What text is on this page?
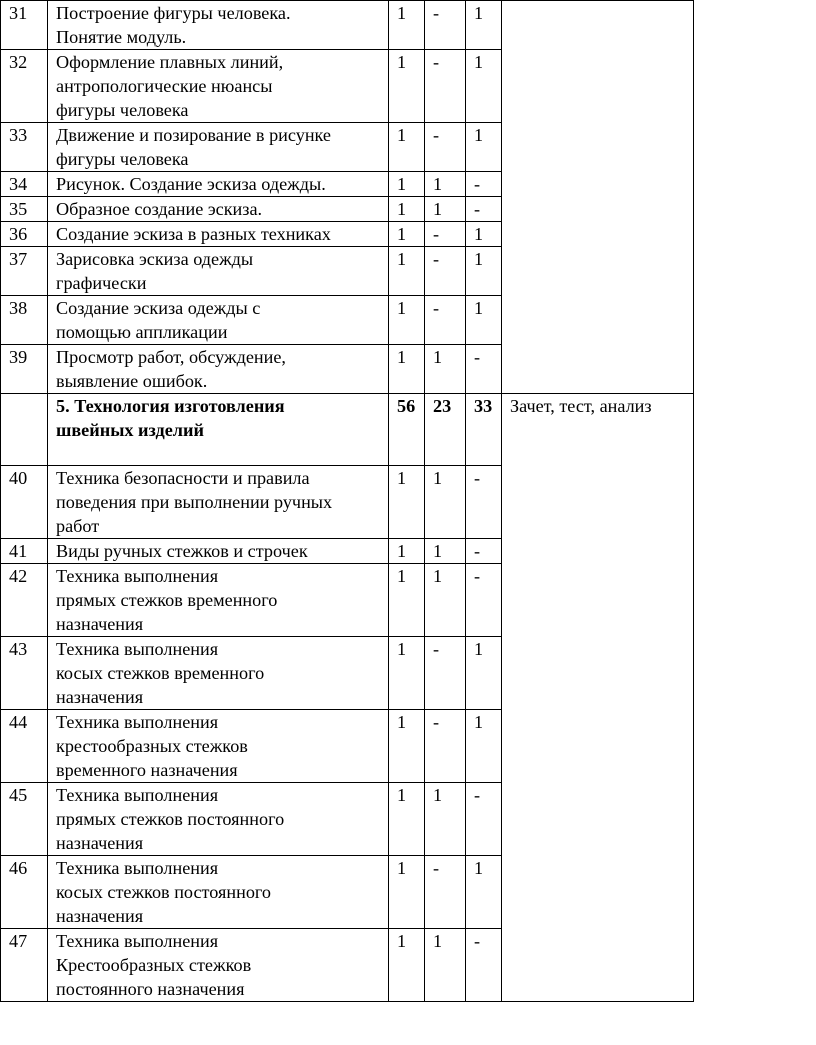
31	Построение фигуры человека.
Понятие модуль.	1	-	1	
32	Оформление плавных линий,
антропологические нюансы
фигуры человека	1	-	1	
33	Движение и позирование в рисунке
фигуры человека	1	-	1	
34	Рисунок. Создание эскиза одежды.	1	1	-	
35	Образное создание эскиза.	1	1	-	
36	Создание эскиза в разных техниках	1	-	1	
37	Зарисовка эскиза одежды
графически	1	-	1	
38	Создание эскиза одежды с
помощью аппликации	1	-	1	
39	Просмотр работ, обсуждение,
выявление ошибок.	1	1	-	

	5. Технология изготовления
швейных изделий	56	23	33	Зачет, тест, анализ
40	Техника безопасности и правила
поведения при выполнении ручных
работ	1	1	-	
41	Виды ручных стежков и строчек	1	1	-	
42	Техника выполнения
прямых стежков временного
назначения	1	1	-	
43	Техника выполнения
косых стежков временного
назначения	1	-	1	
44	Техника выполнения
крестообразных стежков
временного назначения	1	-	1	
45	Техника выполнения
прямых стежков постоянного
назначения	1	1	-	
46	Техника выполнения
косых стежков постоянного
назначения	1	-	1	
47	Техника выполнения
Крестообразных стежков
постоянного назначения	1	1	-	
